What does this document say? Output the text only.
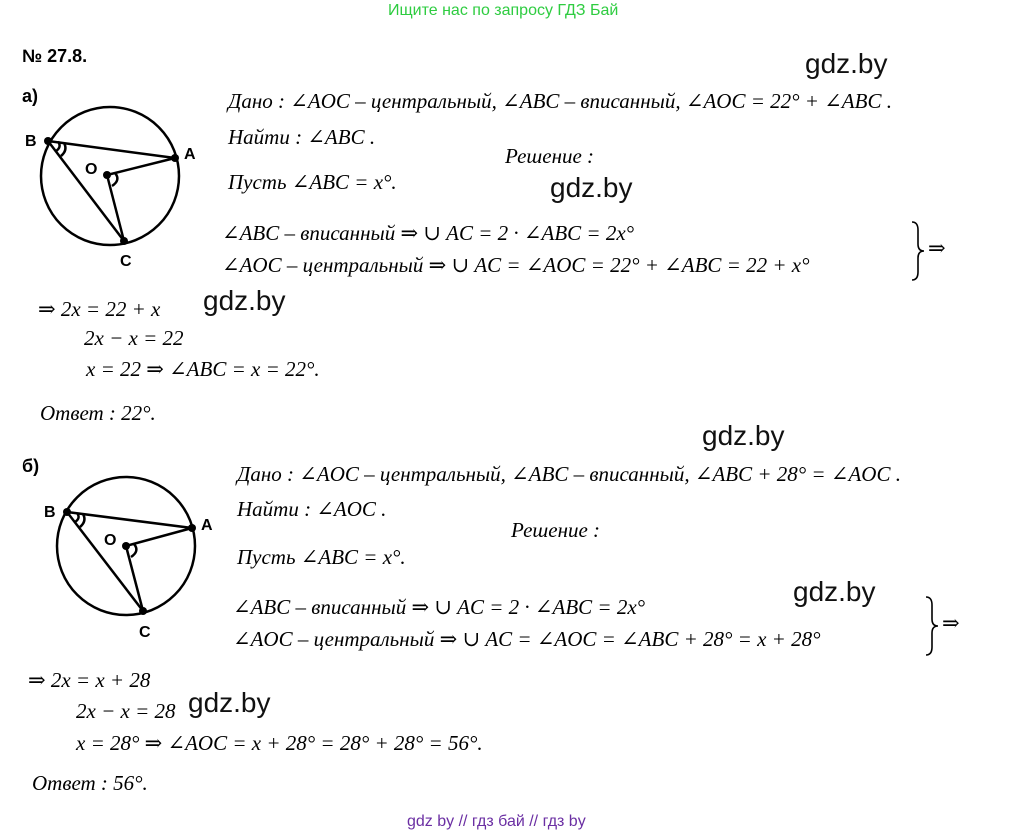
Ищите нас по запросу ГДЗ Бай
№ 27.8.	gdz.by
gdz.by
gdz.by
gdz.by
gdz.by
gdz.by
а)
B
A
O
C
Дано : ∠AOC – центральный, ∠ABC – вписанный, ∠AOC = 22° + ∠ABC .
Найти : ∠ABC .
Решение :
Пусть ∠ABC = x°.
∠ABC – вписанный ⇒ ∪ AC = 2 · ∠ABC = 2x°
∠AOC – центральный ⇒ ∪ AC = ∠AOC = 22° + ∠ABC = 22 + x°
⇒
⇒ 2x = 22 + x
2x − x = 22
x = 22 ⇒ ∠ABC = x = 22°.
Ответ : 22°.
б)
B
A
O
C
Дано : ∠AOC – центральный, ∠ABC – вписанный, ∠ABC + 28° = ∠AOC .
Найти : ∠AOC .
Решение :
Пусть ∠ABC = x°.
∠ABC – вписанный ⇒ ∪ AC = 2 · ∠ABC = 2x°
∠AOC – центральный ⇒ ∪ AC = ∠AOC = ∠ABC + 28° = x + 28°
⇒
⇒ 2x = x + 28
2x − x = 28
x = 28° ⇒ ∠AOC = x + 28° = 28° + 28° = 56°.
Ответ : 56°.
gdz by // гдз бай // гдз by
